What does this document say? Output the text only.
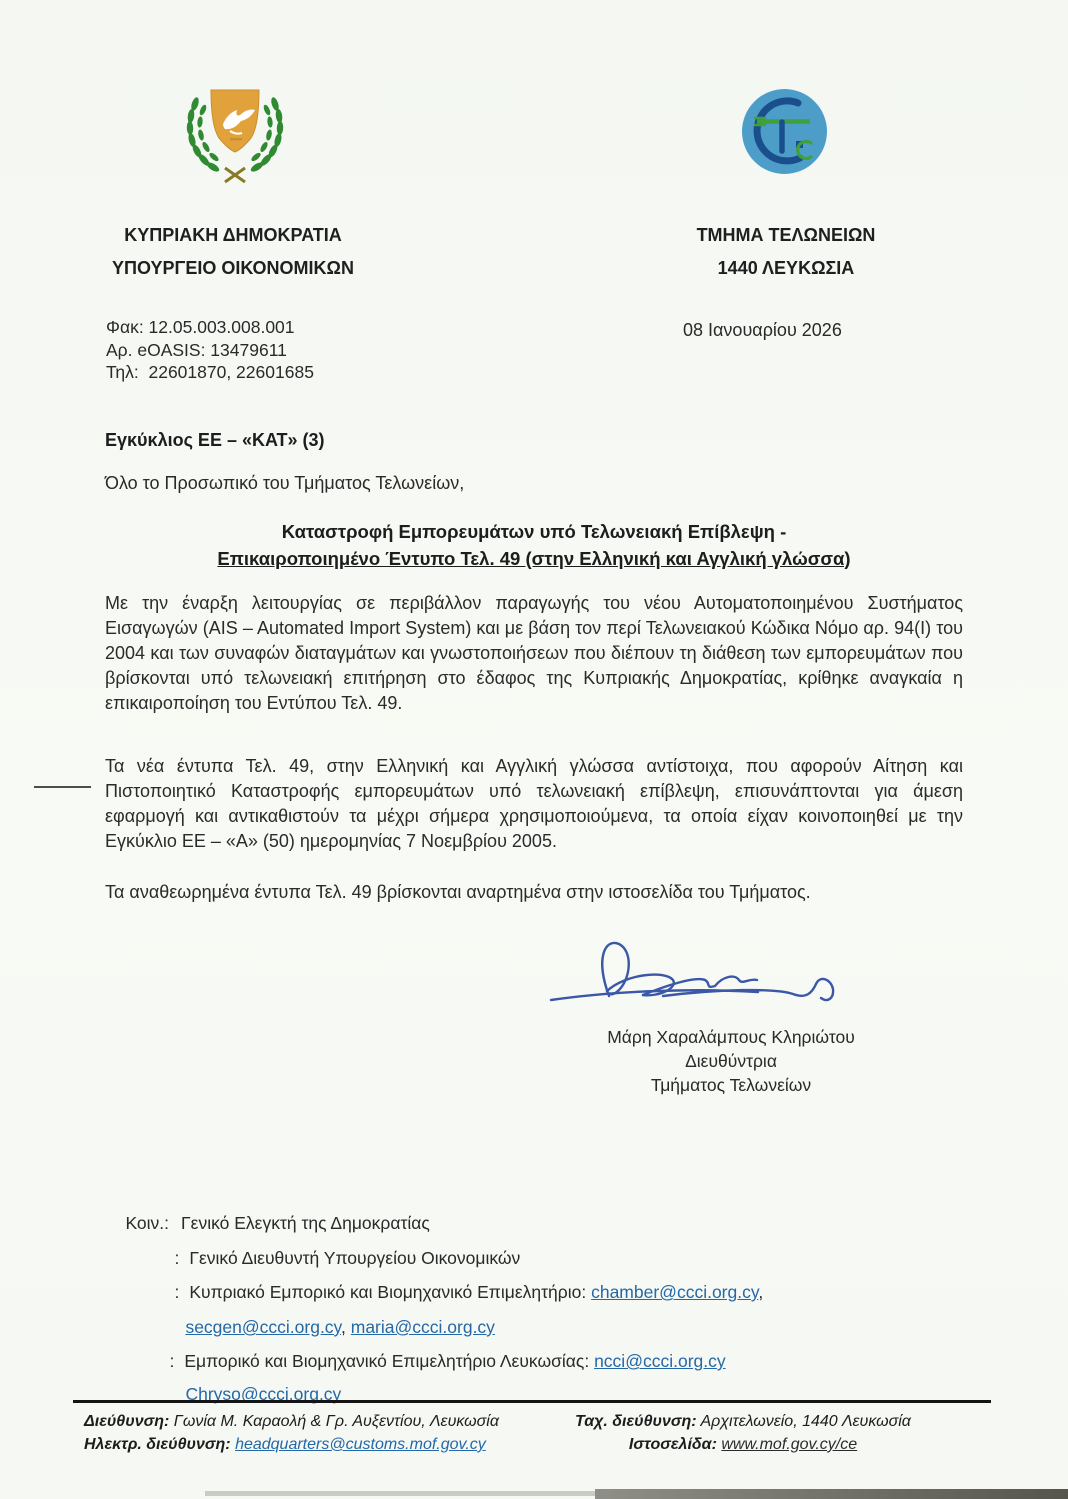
ΚΥΠΡΙΑΚΗ ΔΗΜΟΚΡΑΤΙΑ
ΥΠΟΥΡΓΕΙΟ ΟΙΚΟΝΟΜΙΚΩΝ
ΤΜΗΜΑ ΤΕΛΩΝΕΙΩΝ
1440 ΛΕΥΚΩΣΙΑ
Φακ: 12.05.003.008.001
Αρ. eOASIS: 13479611
Τηλ:  22601870, 22601685
08 Ιανουαρίου 2026
Εγκύκλιος ΕΕ – «ΚΑΤ» (3)
Όλο το Προσωπικό του Τμήματος Τελωνείων,
Καταστροφή Εμπορευμάτων υπό Τελωνειακή Επίβλεψη -
Επικαιροποιημένο Έντυπο Τελ. 49 (στην Ελληνική και Αγγλική γλώσσα)
Με την έναρξη λειτουργίας σε περιβάλλον παραγωγής του νέου Αυτοματοποιημένου Συστήματος Εισαγωγών (AIS – Automated Import System) και με βάση τον περί Τελωνειακού Κώδικα Νόμο αρ. 94(Ι) του 2004 και των συναφών διαταγμάτων και γνωστοποιήσεων που διέπουν τη διάθεση των εμπορευμάτων που βρίσκονται υπό τελωνειακή επιτήρηση στο έδαφος της Κυπριακής Δημοκρατίας, κρίθηκε αναγκαία η επικαιροποίηση του Εντύπου Τελ. 49.
Τα νέα έντυπα Τελ. 49, στην Ελληνική και Αγγλική γλώσσα αντίστοιχα, που αφορούν Αίτηση και Πιστοποιητικό Καταστροφής εμπορευμάτων υπό τελωνειακή επίβλεψη, επισυνάπτονται για άμεση εφαρμογή και αντικαθιστούν τα μέχρι σήμερα χρησιμοποιούμενα, τα οποία είχαν κοινοποιηθεί με την Εγκύκλιο ΕΕ – «Α» (50) ημερομηνίας 7 Νοεμβρίου 2005.
Τα αναθεωρημένα έντυπα Τελ. 49 βρίσκονται αναρτημένα στην ιστοσελίδα του Τμήματος.
Μάρη Χαραλάμπους Κληριώτου
Διευθύντρια
Τμήματος Τελωνείων

Κοιν.: Γενικό Ελεγκτή της Δημοκρατίας

: Γενικό Διευθυντή Υπουργείου Οικονομικών

: Κυπριακό Εμπορικό και Βιομηχανικό Επιμελητήριο: chamber@ccci.org.cy,

secgen@ccci.org.cy, maria@ccci.org.cy

: Εμπορικό και Βιομηχανικό Επιμελητήριο Λευκωσίας: ncci@ccci.org.cy

Chryso@ccci.org.cy

Διεύθυνση: Γωνία Μ. Καραολή & Γρ. Αυξεντίου, Λευκωσία
Ηλεκτρ. διεύθυνση: headquarters@customs.mof.gov.cy
Ταχ. διεύθυνση: Αρχιτελωνείο, 1440 Λευκωσία
Ιστοσελίδα: www.mof.gov.cy/ce
